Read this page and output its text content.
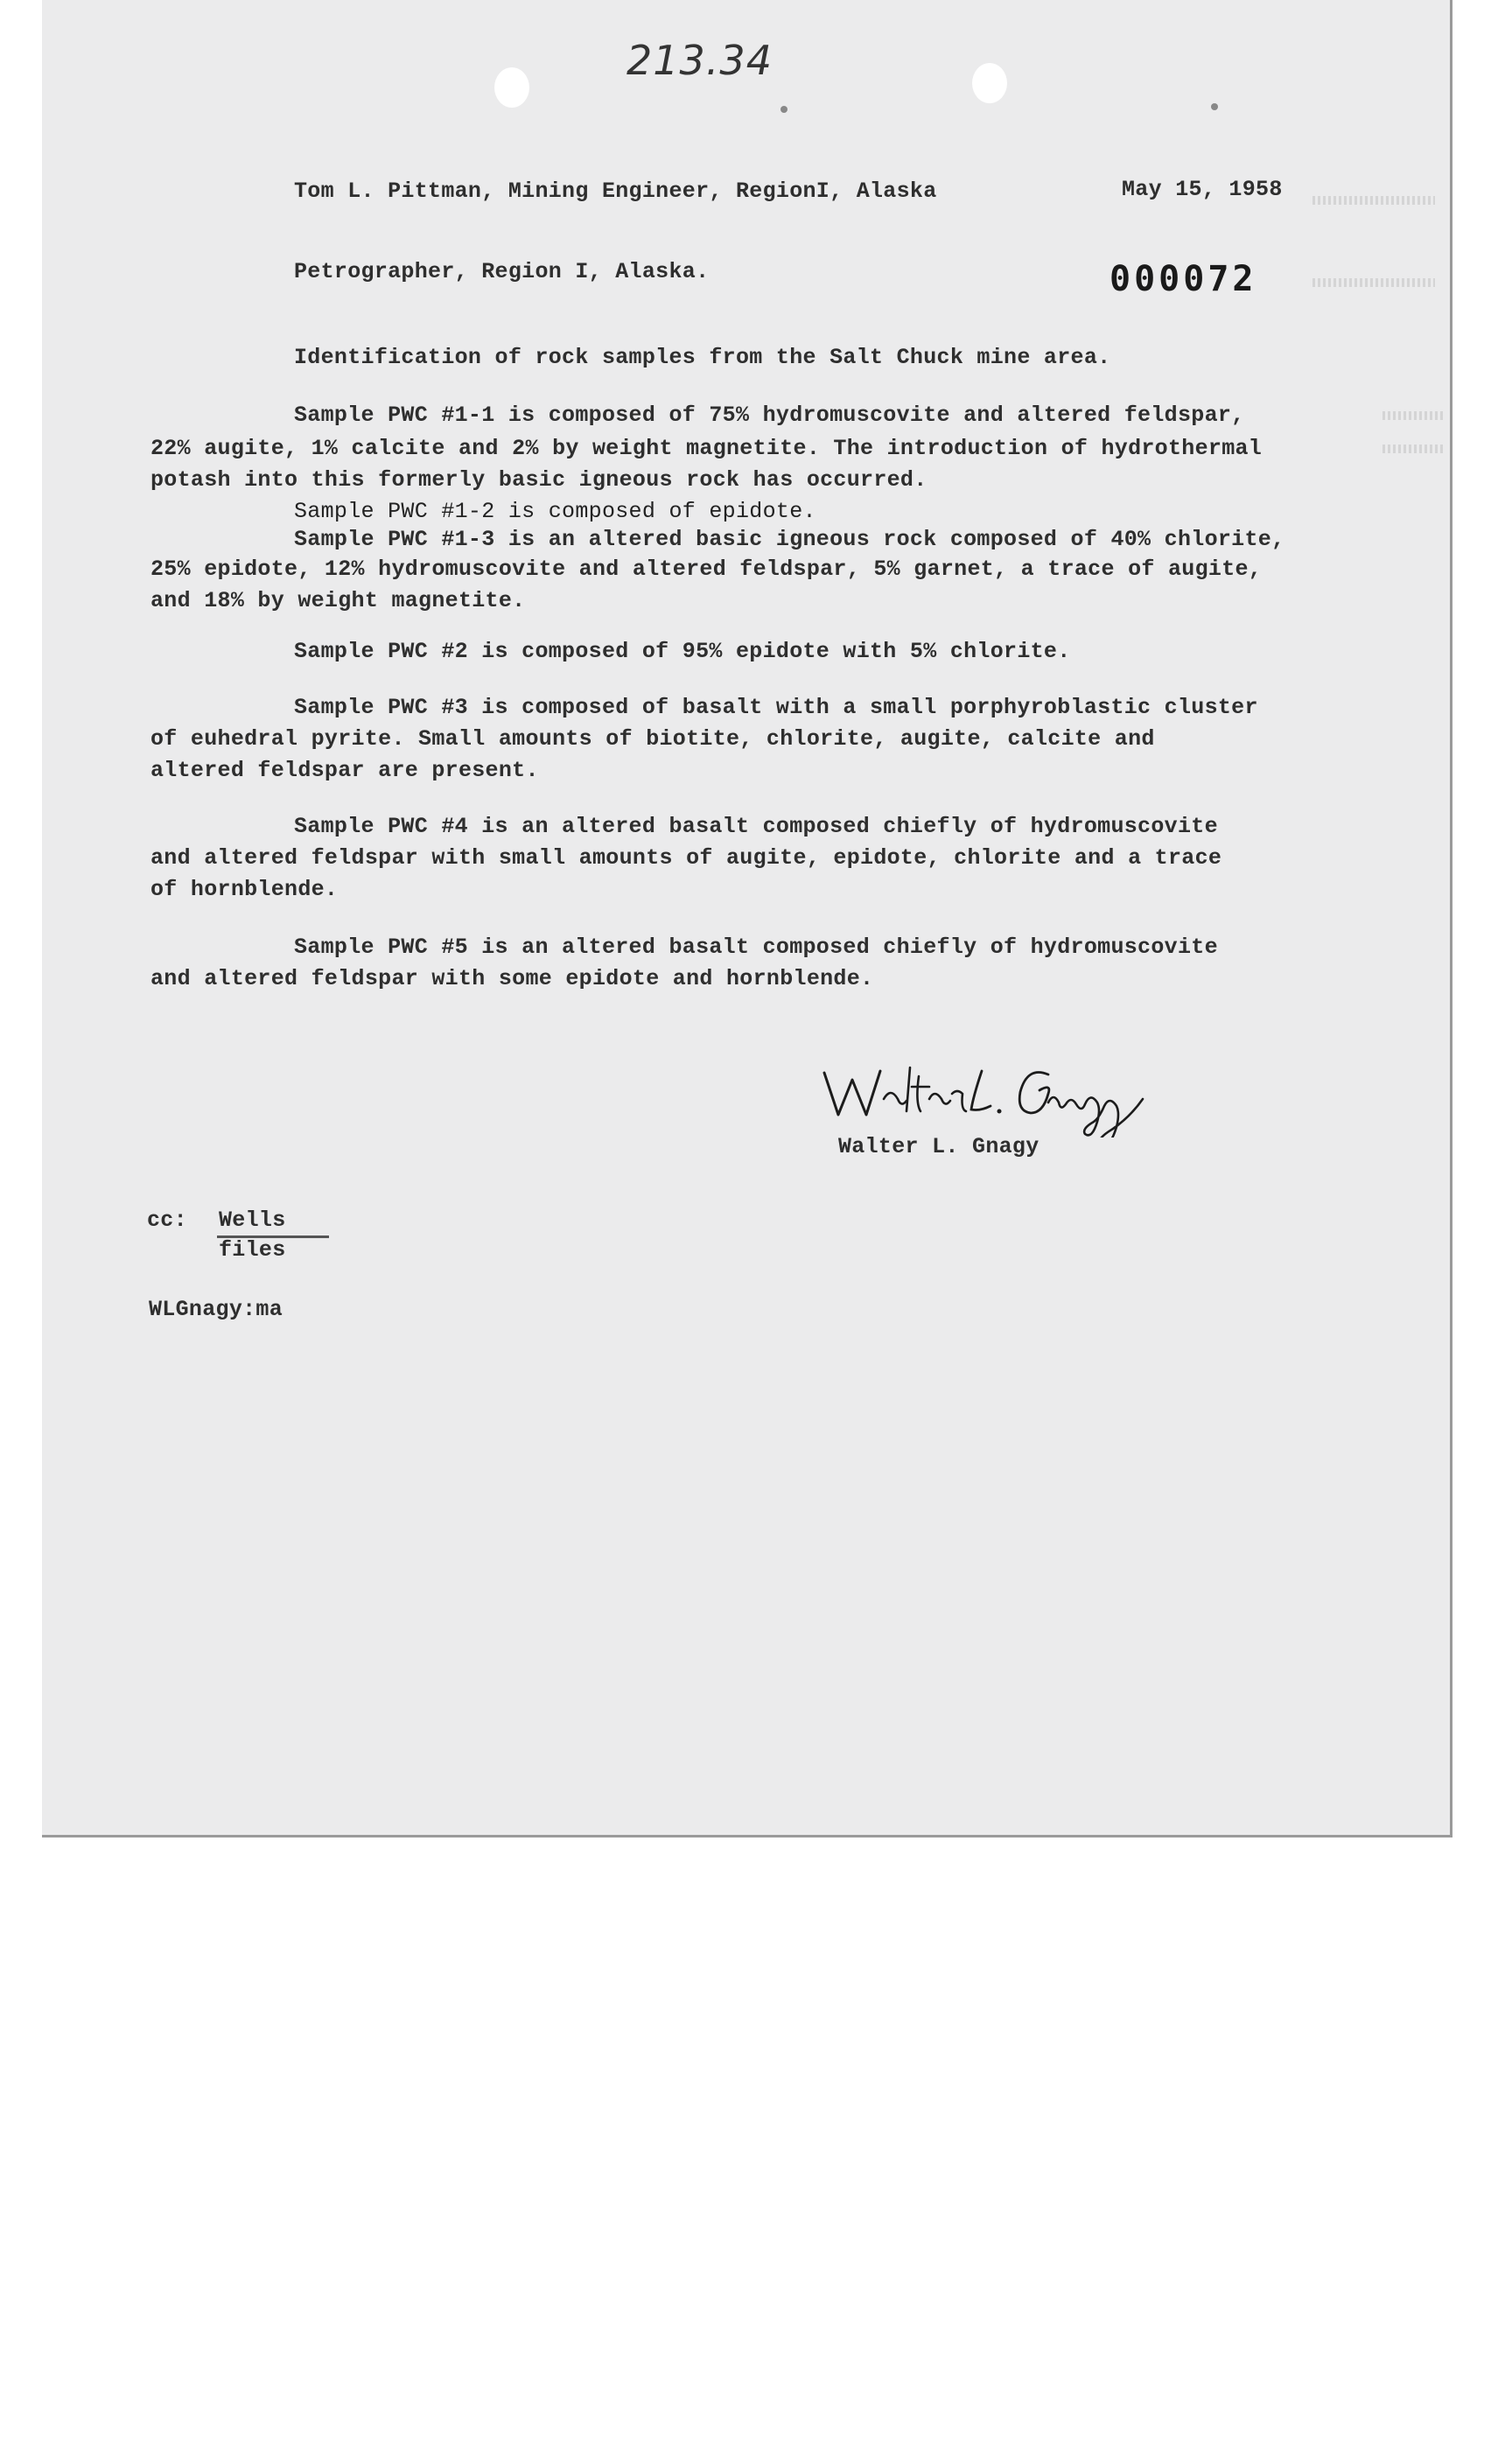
213.34
Tom L. Pittman, Mining Engineer, RegionI, Alaska	May 15, 1958
Petrographer, Region I, Alaska.	000072
Identification of rock samples from the Salt Chuck mine area.
Sample PWC #1-1 is composed of 75% hydromuscovite and altered feldspar,
22% augite, 1% calcite and 2% by weight magnetite. The introduction of hydrothermal
potash into this formerly basic igneous rock has occurred.
Sample PWC #1-2 is composed of epidote.
Sample PWC #1-3 is an altered basic igneous rock composed of 40% chlorite,
25% epidote, 12% hydromuscovite and altered feldspar, 5% garnet, a trace of augite,
and 18% by weight magnetite.
Sample PWC #2 is composed of 95% epidote with 5% chlorite.
Sample PWC #3 is composed of basalt with a small porphyroblastic cluster
of euhedral pyrite. Small amounts of biotite, chlorite, augite, calcite and
altered feldspar are present.
Sample PWC #4 is an altered basalt composed chiefly of hydromuscovite
and altered feldspar with small amounts of augite, epidote, chlorite and a trace
of hornblende.
Sample PWC #5 is an altered basalt composed chiefly of hydromuscovite
and altered feldspar with some epidote and hornblende.
Walter L. Gnagy Walter L. Gnagy
cc: Wells
files
WLGnagy:ma
